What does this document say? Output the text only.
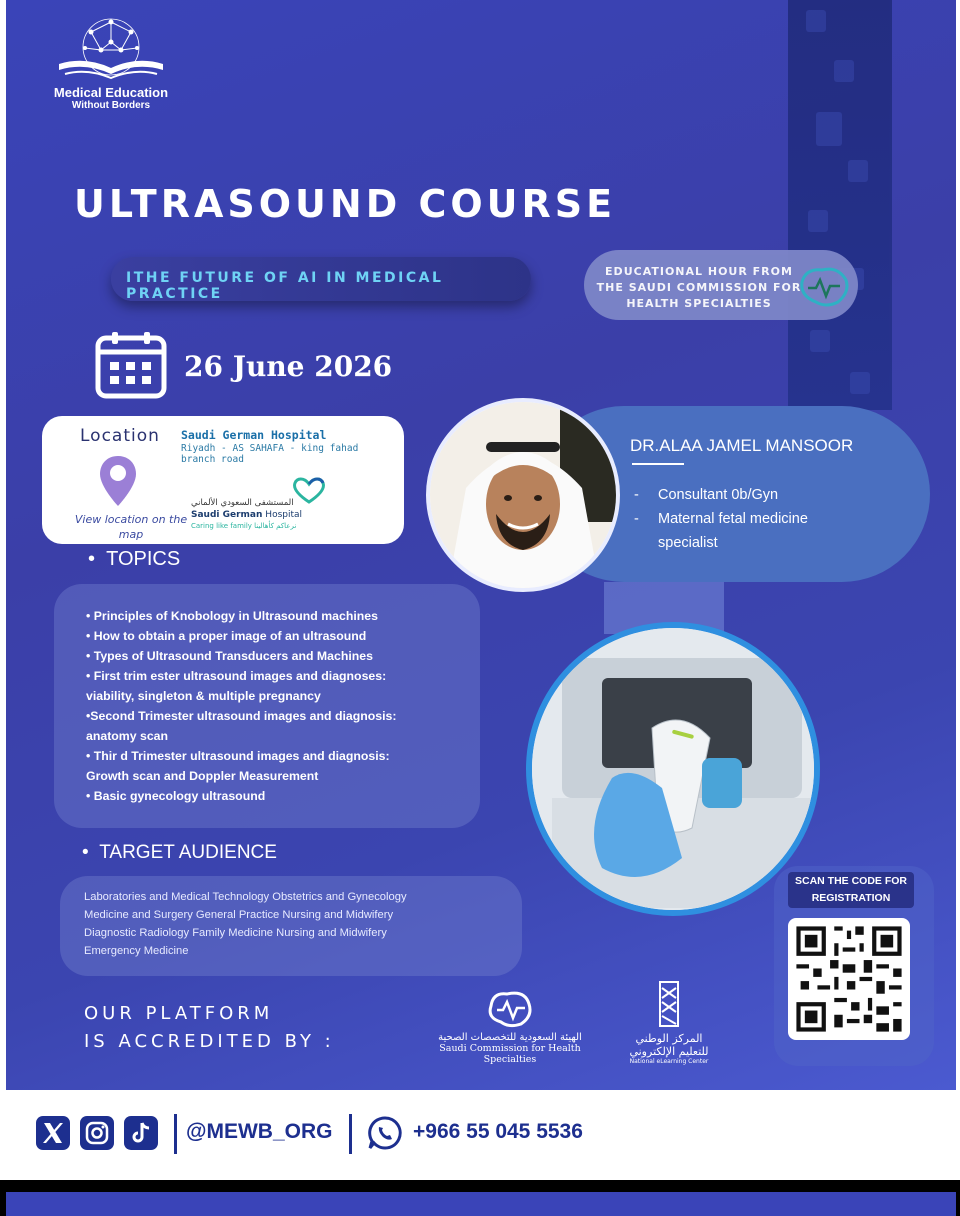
Medical Education
Without Borders
ULTRASOUND COURSE
ITHE FUTURE OF AI IN MEDICAL PRACTICE
EDUCATIONAL HOUR FROM THE SAUDI COMMISSION FOR HEALTH SPECIALTIES
26 June 2026
Location
View location on the map
Saudi German Hospital
Riyadh - AS SAHAFA - king fahad branch road
المستشفى السعودي الألماني
Saudi German Hospital
Caring like family نرعاكم كأهالينا
DR.ALAA JAMEL MANSOOR
-	Consultant 0b/Gyn
-	Maternal fetal medicine
specialist
•  TOPICS
• Principles of Knobology in Ultrasound machines
• How to obtain a proper image of an ultrasound
• Types of Ultrasound Transducers and Machines
• First trim ester ultrasound images and diagnoses:
viability, singleton & multiple pregnancy
•Second Trimester ultrasound images and diagnosis:
anatomy scan
• Thir d Trimester ultrasound images and diagnosis:
Growth scan and Doppler Measurement
• Basic gynecology ultrasound
•  TARGET AUDIENCE
Laboratories and Medical Technology Obstetrics and Gynecology
Medicine and Surgery General Practice Nursing and Midwifery
Diagnostic Radiology Family Medicine Nursing and Midwifery
Emergency Medicine
OUR PLATFORM
IS ACCREDITED BY :	الهيئة السعودية للتخصصات الصحية
Saudi Commission for Health Specialties
المركز الوطني
للتعليم الإلكتروني
National eLearning Center
SCAN THE CODE FOR REGISTRATION
@MEWB_ORG	+966 55 045 5536
